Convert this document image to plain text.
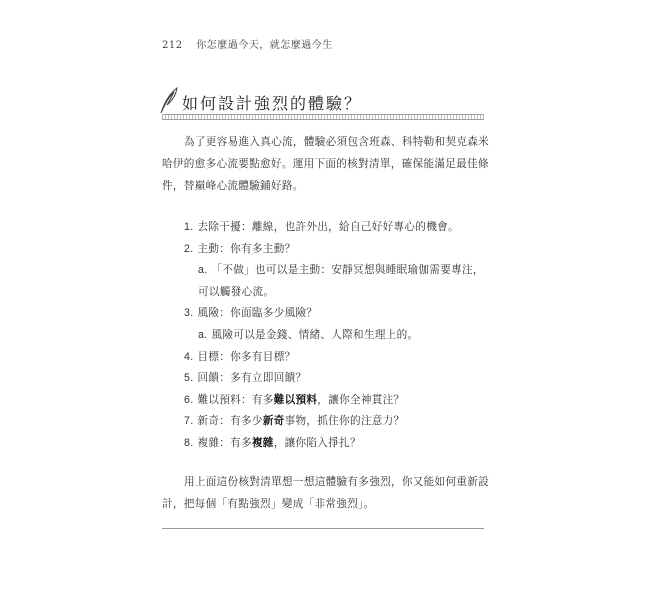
212 你怎麼過今天，就怎麼過今生
如何設計強烈的體驗？
為了更容易進入真心流，體驗必須包含班森、科特勒和契克森米
哈伊的愈多心流要點愈好。運用下面的核對清單，確保能滿足最佳條
件，替巔峰心流體驗鋪好路。
1. 去除干擾：離線，也許外出，給自己好好專心的機會。
2. 主動：你有多主動？
a. 「不做」也可以是主動：安靜冥想與睡眠瑜伽需要專注，
可以觸發心流。
3. 風險：你面臨多少風險？
a. 風險可以是金錢、情緒、人際和生理上的。
4. 目標：你多有目標？
5. 回饋：多有立即回饋？
6. 難以預料：有多難以預料，讓你全神貫注？
7. 新奇：有多少新奇事物，抓住你的注意力？
8. 複雜：有多複雜，讓你陷入掙扎？
用上面這份核對清單想一想這體驗有多強烈，你又能如何重新設
計，把每個「有點強烈」變成「非常強烈」。
